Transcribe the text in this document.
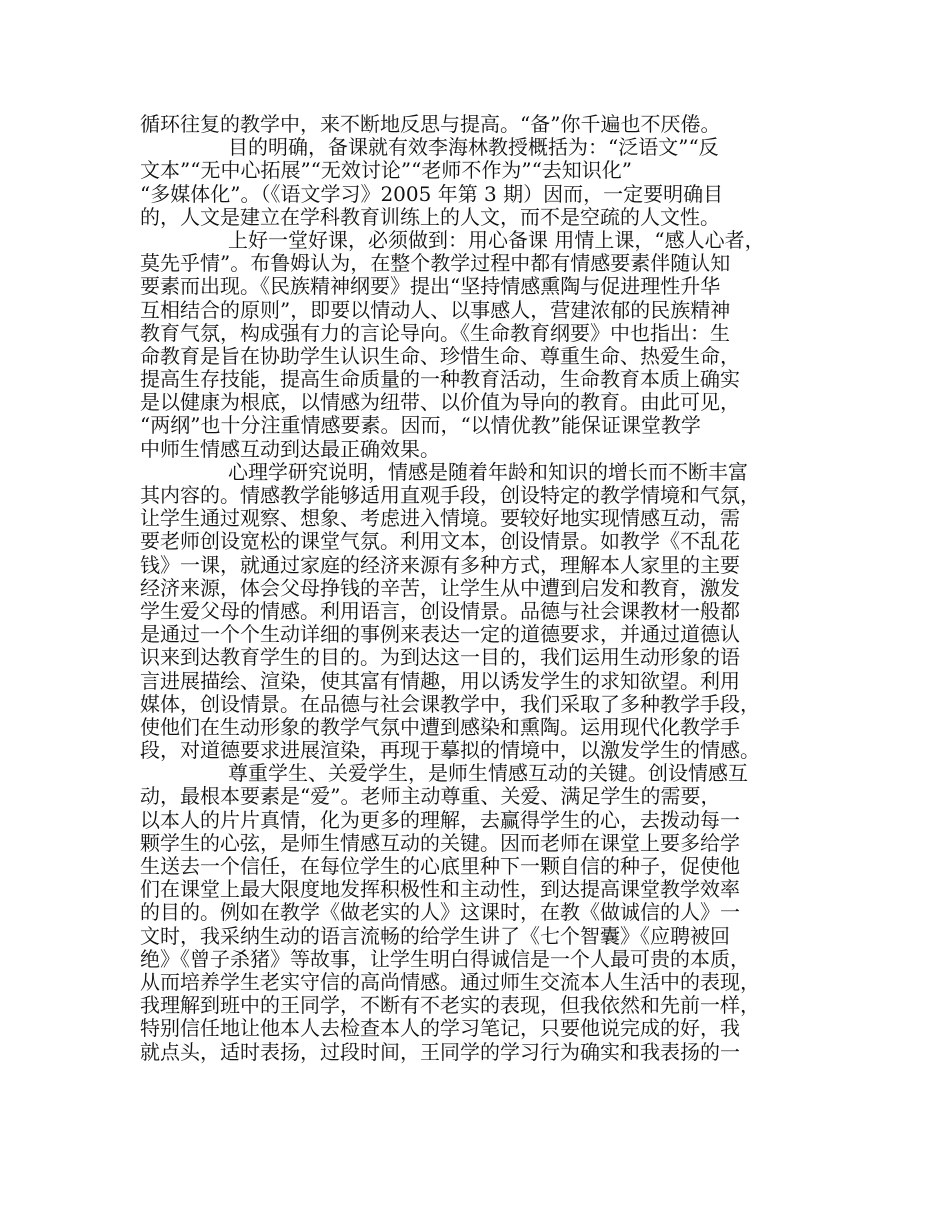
循环往复的教学中，来不断地反思与提高。“备”你千遍也不厌倦。
目的明确，备课就有效李海林教授概括为：“泛语文”“反
文本”“无中心拓展”“无效讨论”“老师不作为”“去知识化”
“多媒体化”。（《语文学习》2005 年第 3 期）因而，一定要明确目
的，人文是建立在学科教育训练上的人文，而不是空疏的人文性。
上好一堂好课，必须做到：用心备课 用情上课，“感人心者，
莫先乎情”。布鲁姆认为，在整个教学过程中都有情感要素伴随认知
要素而出现。《民族精神纲要》提出“坚持情感熏陶与促进理性升华
互相结合的原则”，即要以情动人、以事感人，营建浓郁的民族精神
教育气氛，构成强有力的言论导向。《生命教育纲要》中也指出：生
命教育是旨在协助学生认识生命、珍惜生命、尊重生命、热爱生命，
提高生存技能，提高生命质量的一种教育活动，生命教育本质上确实
是以健康为根底，以情感为纽带、以价值为导向的教育。由此可见，
“两纲”也十分注重情感要素。因而，“以情优教”能保证课堂教学
中师生情感互动到达最正确效果。
心理学研究说明，情感是随着年龄和知识的增长而不断丰富
其内容的。情感教学能够适用直观手段，创设特定的教学情境和气氛，
让学生通过观察、想象、考虑进入情境。要较好地实现情感互动，需
要老师创设宽松的课堂气氛。利用文本，创设情景。如教学《不乱花
钱》一课，就通过家庭的经济来源有多种方式，理解本人家里的主要
经济来源，体会父母挣钱的辛苦，让学生从中遭到启发和教育，激发
学生爱父母的情感。利用语言，创设情景。品德与社会课教材一般都
是通过一个个生动详细的事例来表达一定的道德要求，并通过道德认
识来到达教育学生的目的。为到达这一目的，我们运用生动形象的语
言进展描绘、渲染，使其富有情趣，用以诱发学生的求知欲望。利用
媒体，创设情景。在品德与社会课教学中，我们采取了多种教学手段，
使他们在生动形象的教学气氛中遭到感染和熏陶。运用现代化教学手
段，对道德要求进展渲染，再现于摹拟的情境中，以激发学生的情感。
尊重学生、关爱学生，是师生情感互动的关键。创设情感互
动，最根本要素是“爱”。老师主动尊重、关爱、满足学生的需要，
以本人的片片真情，化为更多的理解，去赢得学生的心，去拨动每一
颗学生的心弦，是师生情感互动的关键。因而老师在课堂上要多给学
生送去一个信任，在每位学生的心底里种下一颗自信的种子，促使他
们在课堂上最大限度地发挥积极性和主动性，到达提高课堂教学效率
的目的。例如在教学《做老实的人》这课时，在教《做诚信的人》一
文时，我采纳生动的语言流畅的给学生讲了《七个智囊》《应聘被回
绝》《曾子杀猪》等故事，让学生明白得诚信是一个人最可贵的本质，
从而培养学生老实守信的高尚情感。通过师生交流本人生活中的表现，
我理解到班中的王同学，不断有不老实的表现，但我依然和先前一样，
特别信任地让他本人去检查本人的学习笔记，只要他说完成的好，我
就点头，适时表扬，过段时间，王同学的学习行为确实和我表扬的一
